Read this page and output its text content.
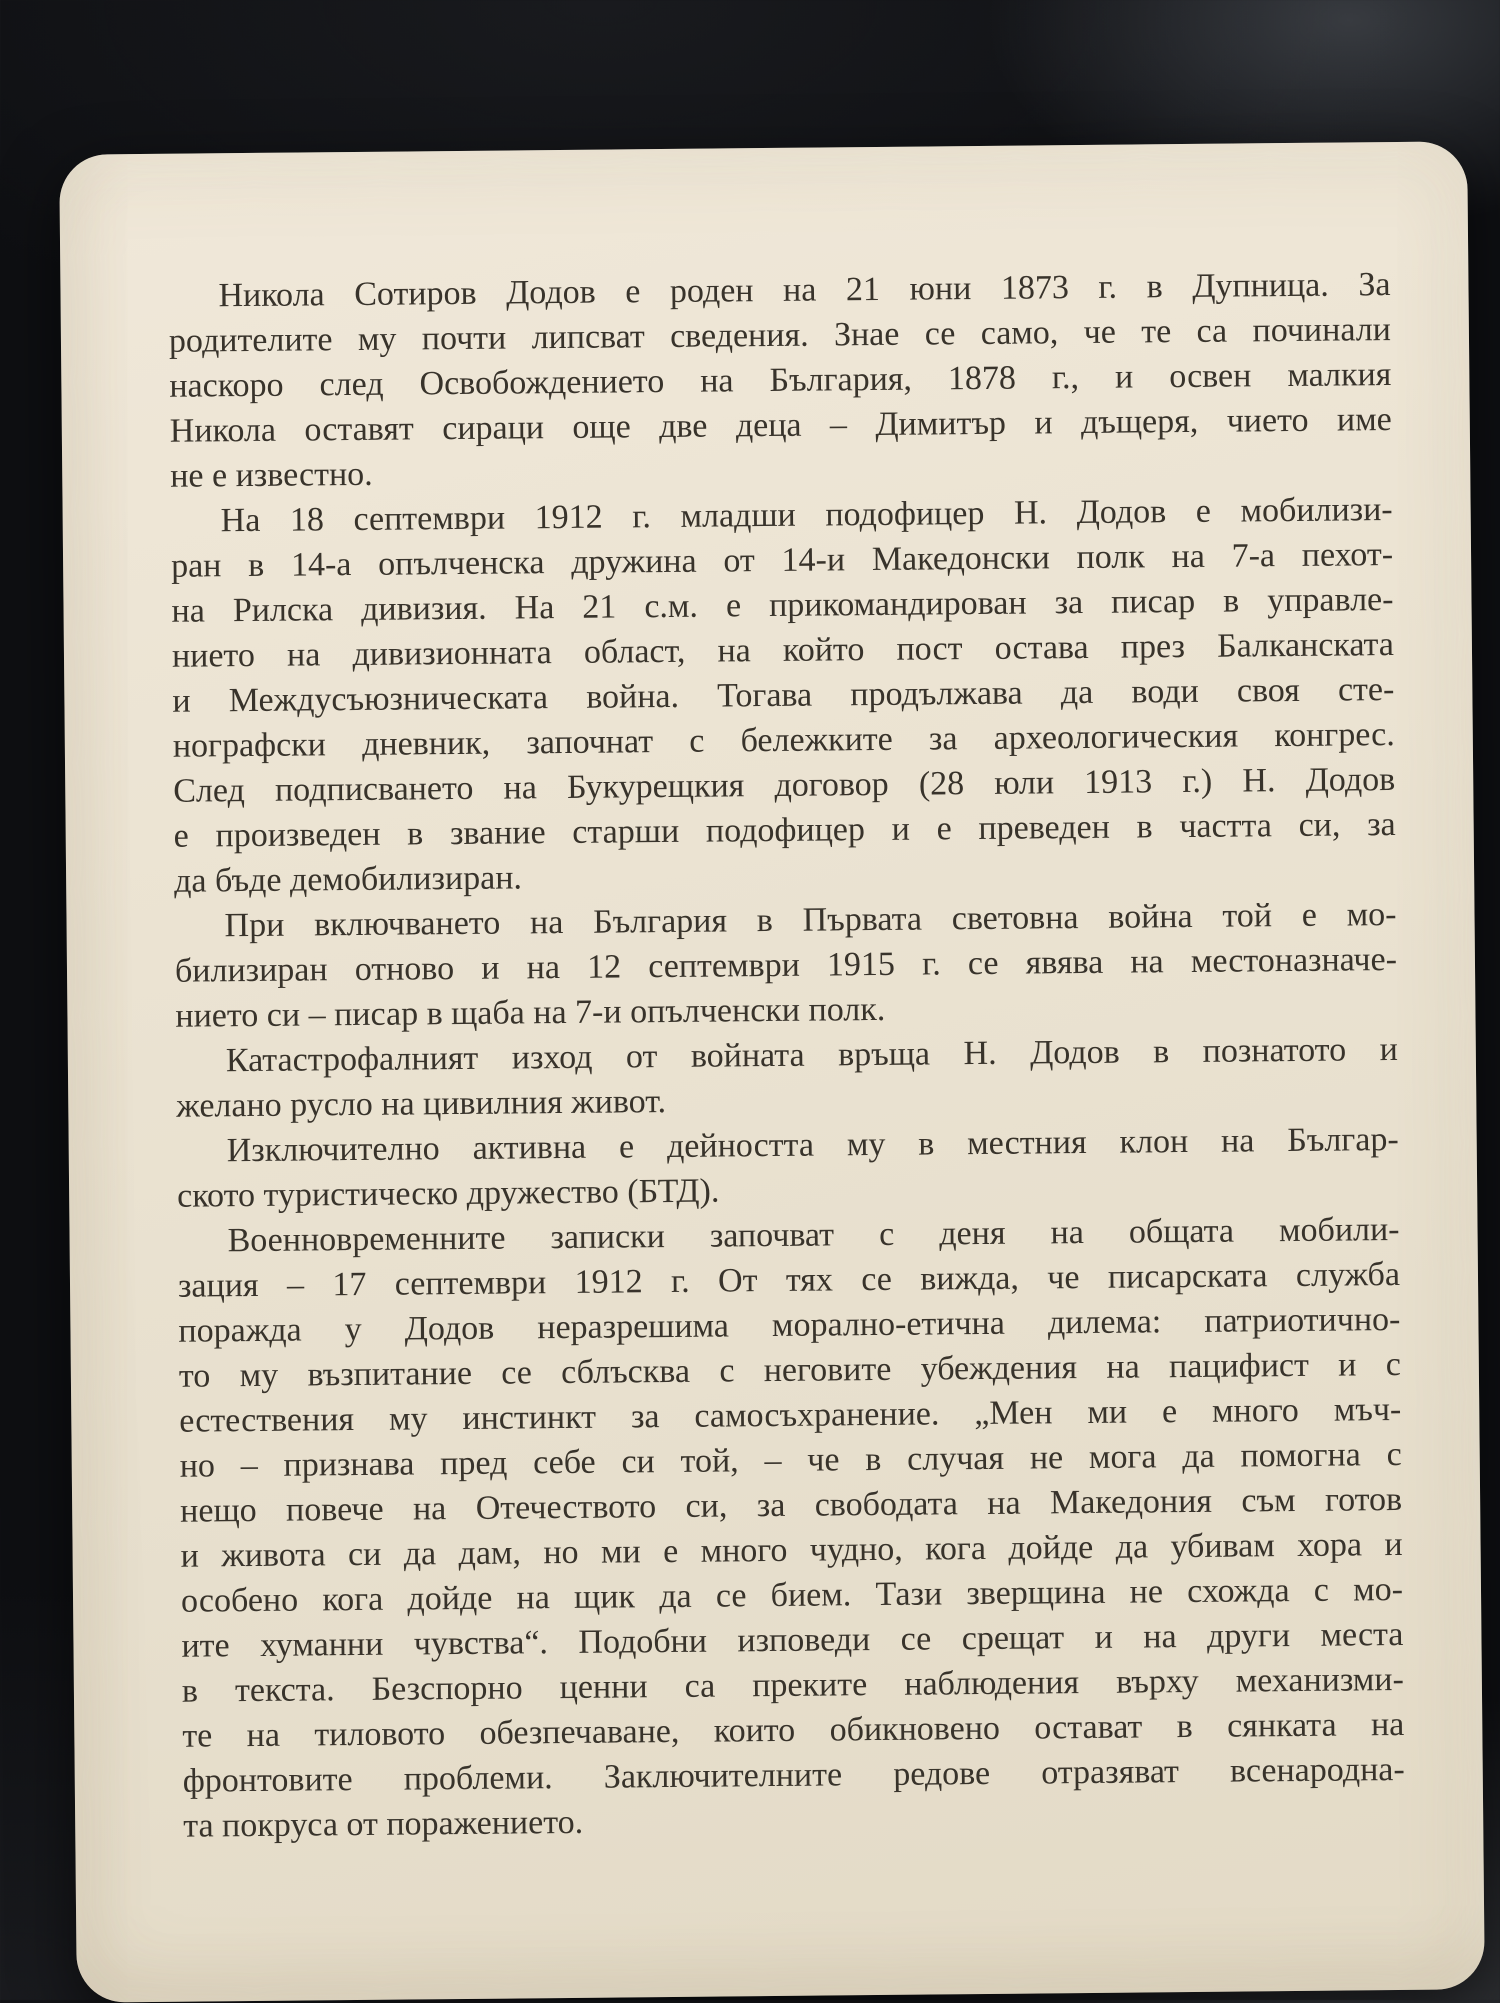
Никола Сотиров Додов е роден на 21 юни 1873 г. в Дупница. За
родителите му почти липсват сведения. Знае се само, че те са починали
наскоро след Освобождението на България, 1878 г., и освен малкия
Никола оставят сираци още две деца – Димитър и дъщеря, чието име
не е известно.
На 18 септември 1912 г. младши подофицер Н. Додов е мобилизи-
ран в 14-а опълченска дружина от 14-и Македонски полк на 7-а пехот-
на Рилска дивизия. На 21 с.м. е прикомандирован за писар в управле-
нието на дивизионната област, на който пост остава през Балканската
и Междусъюзническата война. Тогава продължава да води своя сте-
нографски дневник, започнат с бележките за археологическия конгрес.
След подписването на Букурещкия договор (28 юли 1913 г.) Н. Додов
е произведен в звание старши подофицер и е преведен в частта си, за
да бъде демобилизиран.
При включването на България в Първата световна война той е мо-
билизиран отново и на 12 септември 1915 г. се явява на местоназначе-
нието си – писар в щаба на 7-и опълченски полк.
Катастрофалният изход от войната връща Н. Додов в познатото и
желано русло на цивилния живот.
Изключително активна е дейността му в местния клон на Българ-
ското туристическо дружество (БТД).
Военновременните записки започват с деня на общата мобили-
зация – 17 септември 1912 г. От тях се вижда, че писарската служба
поражда у Додов неразрешима морално-етична дилема: патриотично-
то му възпитание се сблъсква с неговите убеждения на пацифист и с
естествения му инстинкт за самосъхранение. „Мен ми е много мъч-
но – признава пред себе си той, – че в случая не мога да помогна с
нещо повече на Отечеството си, за свободата на Македония съм готов
и живота си да дам, но ми е много чудно, кога дойде да убивам хора и
особено кога дойде на щик да се бием. Тази зверщина не схожда с мо-
ите хуманни чувства“. Подобни изповеди се срещат и на други места
в текста. Безспорно ценни са преките наблюдения върху механизми-
те на тиловото обезпечаване, които обикновено остават в сянката на
фронтовите проблеми. Заключителните редове отразяват всенародна-
та покруса от поражението.
